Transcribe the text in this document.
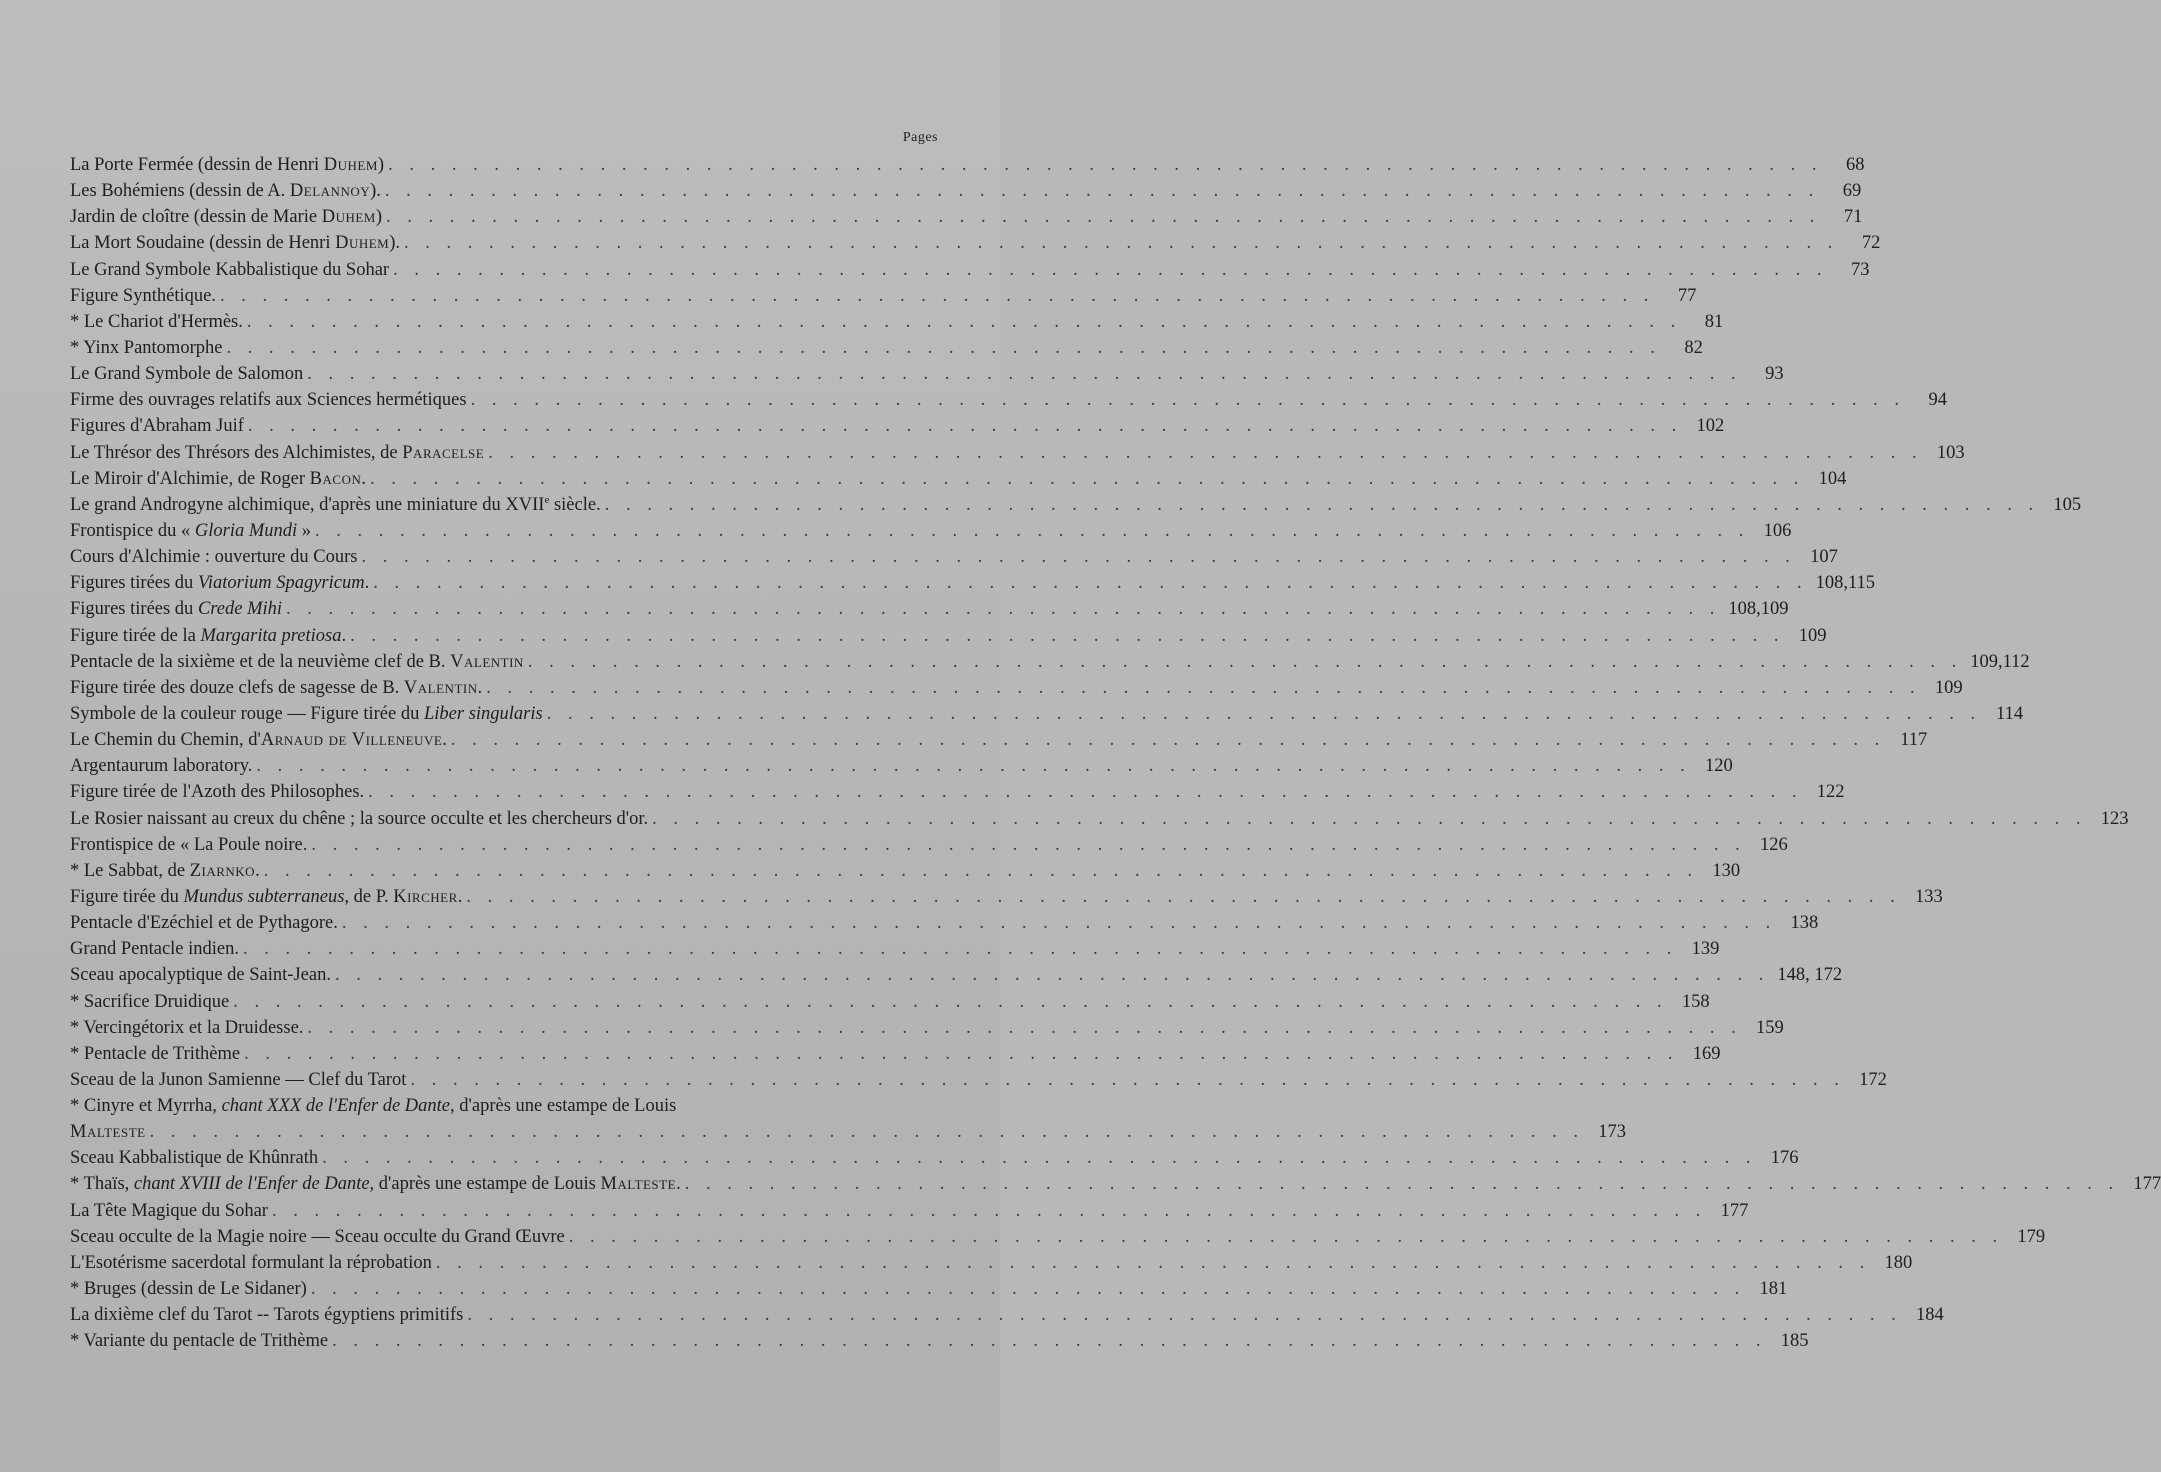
Pages
La Porte Fermée (dessin de Henri Duhem) . . .	68
Les Bohémiens (dessin de A. Delannoy). . . .	69
Jardin de cloître (dessin de Marie Duhem) . . .	71
La Mort Soudaine (dessin de Henri Duhem). . . .	72
Le Grand Symbole Kabbalistique du Sohar . . .	73
Figure Synthétique. . . .	77
* Le Chariot d'Hermès. . . .	81
* Yinx Pantomorphe . . .	82
Le Grand Symbole de Salomon . . .	93
Firme des ouvrages relatifs aux Sciences hermétiques . . .	94
Figures d'Abraham Juif . . .	102
Le Thrésor des Thrésors des Alchimistes, de Paracelse . . .	103
Le Miroir d'Alchimie, de Roger Bacon. . . .	104
Le grand Androgyne alchimique, d'après une miniature du XVIIe siècle. . . .	105
Frontispice du « Gloria Mundi » . . .	106
Cours d'Alchimie : ouverture du Cours . . .	107
Figures tirées du Viatorium Spagyricum. . . .	108,115
Figures tirées du Crede Mihi . . .	108,109
Figure tirée de la Margarita pretiosa. . . .	109
Pentacle de la sixième et de la neuvième clef de B. Valentin . . .	109,112
Figure tirée des douze clefs de sagesse de B. Valentin. . . .	109
Symbole de la couleur rouge — Figure tirée du Liber singularis . . .	114
Le Chemin du Chemin, d'Arnaud de Villeneuve. . . .	117
Argentaurum laboratory. . . .	120
Figure tirée de l'Azoth des Philosophes. . . .	122
Le Rosier naissant au creux du chêne ; la source occulte et les chercheurs d'or. . . .	123
Frontispice de « La Poule noire. . . .	126
* Le Sabbat, de Ziarnko. . . .	130
Figure tirée du Mundus subterraneus, de P. Kircher. . . .	133
Pentacle d'Ezéchiel et de Pythagore. . . .	138
Grand Pentacle indien. . . .	139
Sceau apocalyptique de Saint-Jean. . . .	148, 172
* Sacrifice Druidique . . .	158
* Vercingétorix et la Druidesse. . . .	159
* Pentacle de Trithème . . .	169
Sceau de la Junon Samienne — Clef du Tarot . . .	172
* Cinyre et Myrrha, chant XXX de l'Enfer de Dante, d'après une estampe de Louis
Malteste . . .	173
Sceau Kabbalistique de Khûnrath . . .	176
* Thaïs, chant XVIII de l'Enfer de Dante, d'après une estampe de Louis Malteste. . . .	177
La Tête Magique du Sohar . . .	177
Sceau occulte de la Magie noire — Sceau occulte du Grand Œuvre . . .	179
L'Esotérisme sacerdotal formulant la réprobation . . .	180
* Bruges (dessin de Le Sidaner) . . .	181
La dixième clef du Tarot -- Tarots égyptiens primitifs . . .	184
* Variante du pentacle de Trithème . . .	185
